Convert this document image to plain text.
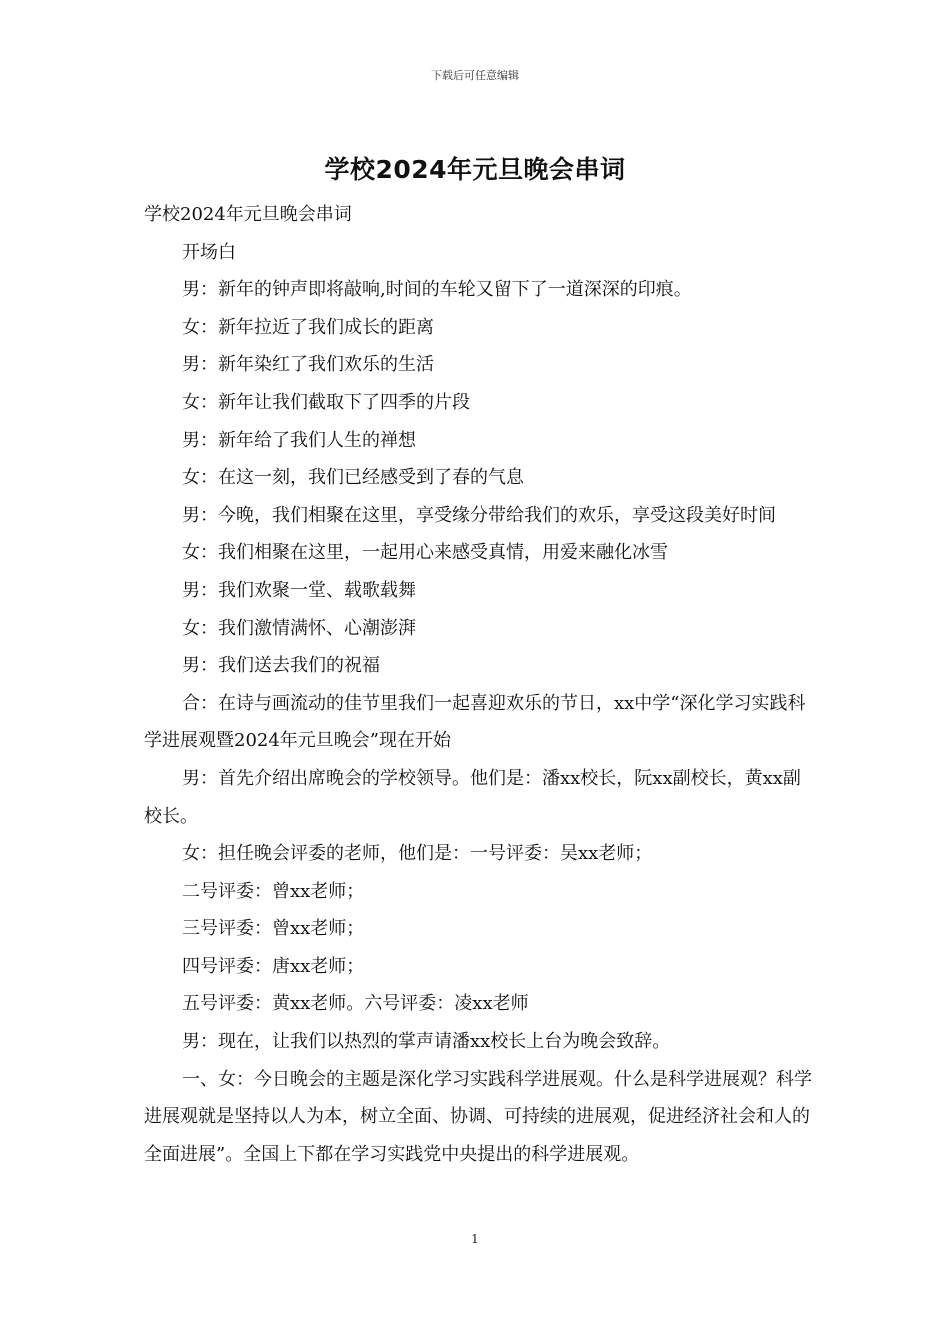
下载后可任意编辑
学校2024年元旦晚会串词

学校2024年元旦晚会串词

开场白

男：新年的钟声即将敲响,时间的车轮又留下了一道深深的印痕。

女：新年拉近了我们成长的距离

男：新年染红了我们欢乐的生活

女：新年让我们截取下了四季的片段

男：新年给了我们人生的禅想

女：在这一刻，我们已经感受到了春的气息

男：今晚，我们相聚在这里，享受缘分带给我们的欢乐，享受这段美好时间

女：我们相聚在这里，一起用心来感受真情，用爱来融化冰雪

男：我们欢聚一堂、载歌载舞

女：我们激情满怀、心潮澎湃

男：我们送去我们的祝福

合：在诗与画流动的佳节里我们一起喜迎欢乐的节日，xx中学“深化学习实践科学进展观暨2024年元旦晚会”现在开始

男：首先介绍出席晚会的学校领导。他们是：潘xx校长，阮xx副校长，黄xx副校长。

女：担任晚会评委的老师，他们是：一号评委：吴xx老师；

二号评委：曾xx老师；

三号评委：曾xx老师；

四号评委：唐xx老师；

五号评委：黄xx老师。六号评委：凌xx老师

男：现在，让我们以热烈的掌声请潘xx校长上台为晚会致辞。

一、女：今日晚会的主题是深化学习实践科学进展观。什么是科学进展观？科学进展观就是坚持以人为本，树立全面、协调、可持续的进展观，促进经济社会和人的全面进展”。全国上下都在学习实践党中央提出的科学进展观。

1
